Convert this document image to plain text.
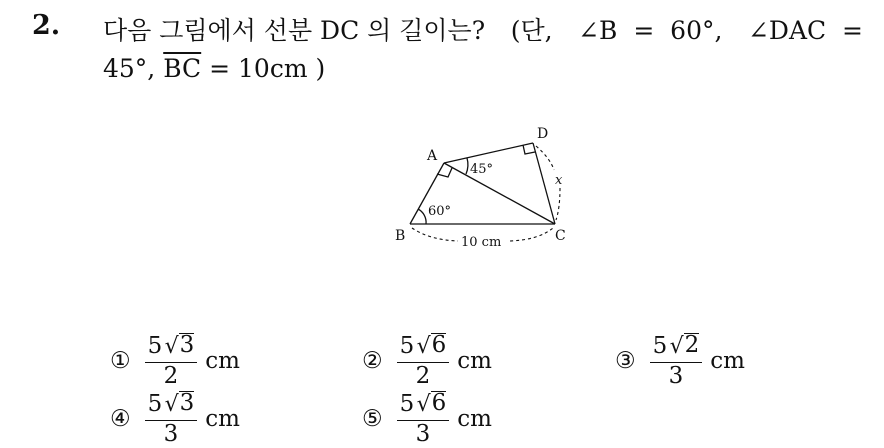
2. 다음 그림에서 선분 DC 의 길이는? (단, ∠B  =  60°, ∠DAC  =
45°, $\overline{BC} = 10cm$ )
A
B	C
D
45°
60°
10 cm
x
① $\frac{5 √ 3}{2}$ cm	② $\frac{5 √ 6}{2}$ cm	③ $\frac{5 √ 2}{3}$ cm
④ $\frac{5 √ 3}{3}$ cm	⑤ $\frac{5 √ 6}{3}$ cm
